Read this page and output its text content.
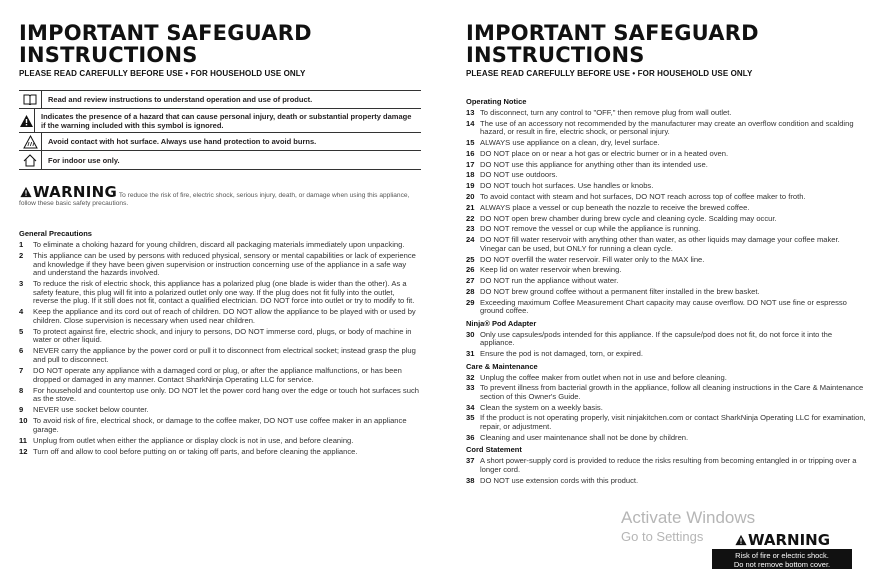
IMPORTANT SAFEGUARD
INSTRUCTIONS
PLEASE READ CAREFULLY BEFORE USE • FOR HOUSEHOLD USE ONLY
Read and review instructions to understand operation and use of product.
Indicates the presence of a hazard that can cause personal injury, death or substantial property damage if the warning included with this symbol is ignored.
Avoid contact with hot surface. Always use hand protection to avoid burns.
For indoor use only.
WARNING To reduce the risk of fire, electric shock, serious injury, death, or damage when using this appliance, follow these basic safety precautions.
General Precautions
1	To eliminate a choking hazard for young children, discard all packaging materials immediately upon unpacking.
2	This appliance can be used by persons with reduced physical, sensory or mental capabilities or lack of experience and knowledge if they have been given supervision or instruction concerning use of the appliance in a safe way and understand the hazards involved.
3	To reduce the risk of electric shock, this appliance has a polarized plug (one blade is wider than the other). As a safety feature, this plug will fit into a polarized outlet only one way. If the plug does not fit fully into the outlet, reverse the plug. If it still does not fit, contact a qualified electrician. DO NOT force into outlet or try to modify to fit.
4	Keep the appliance and its cord out of reach of children. DO NOT allow the appliance to be played with or used by children. Close supervision is necessary when used near children.
5	To protect against fire, electric shock, and injury to persons, DO NOT immerse cord, plugs, or body of machine in water or other liquid.
6	NEVER carry the appliance by the power cord or pull it to disconnect from electrical socket; instead grasp the plug and pull to disconnect.
7	DO NOT operate any appliance with a damaged cord or plug, or after the appliance malfunctions, or has been dropped or damaged in any manner. Contact SharkNinja Operating LLC for service.
8	For household and countertop use only. DO NOT let the power cord hang over the edge or touch hot surfaces such as the stove.
9	NEVER use socket below counter.
10 To avoid risk of fire, electrical shock, or damage to the coffee maker, DO NOT use coffee maker in an appliance garage.
11 Unplug from outlet when either the appliance or display clock is not in use, and before cleaning.
12 Turn off and allow to cool before putting on or taking off parts, and before cleaning the appliance.
IMPORTANT SAFEGUARD
INSTRUCTIONS
PLEASE READ CAREFULLY BEFORE USE • FOR HOUSEHOLD USE ONLY
Operating Notice
13 To disconnect, turn any control to "OFF," then remove plug from wall outlet.
14 The use of an accessory not recommended by the manufacturer may create an overflow condition and scalding hazard, or result in fire, electric shock, or personal injury.
15 ALWAYS use appliance on a clean, dry, level surface.
16 DO NOT place on or near a hot gas or electric burner or in a heated oven.
17 DO NOT use this appliance for anything other than its intended use.
18 DO NOT use outdoors.
19 DO NOT touch hot surfaces. Use handles or knobs.
20 To avoid contact with steam and hot surfaces, DO NOT reach across top of coffee maker to froth.
21 ALWAYS place a vessel or cup beneath the nozzle to receive the brewed coffee.
22 DO NOT open brew chamber during brew cycle and cleaning cycle. Scalding may occur.
23 DO NOT remove the vessel or cup while the appliance is running.
24 DO NOT fill water reservoir with anything other than water, as other liquids may damage your coffee maker. Vinegar can be used, but ONLY for running a clean cycle.
25 DO NOT overfill the water reservoir. Fill water only to the MAX line.
26 Keep lid on water reservoir when brewing.
27 DO NOT run the appliance without water.
28 DO NOT brew ground coffee without a permanent filter installed in the brew basket.
29 Exceeding maximum Coffee Measurement Chart capacity may cause overflow. DO NOT use fine or espresso ground coffee.
Ninja® Pod Adapter
30 Only use capsules/pods intended for this appliance. If the capsule/pod does not fit, do not force it into the appliance.
31 Ensure the pod is not damaged, torn, or expired.
Care & Maintenance
32 Unplug the coffee maker from outlet when not in use and before cleaning.
33 To prevent illness from bacterial growth in the appliance, follow all cleaning instructions in the Care & Maintenance section of this Owner's Guide.
34 Clean the system on a weekly basis.
35 If the product is not operating properly, visit ninjakitchen.com or contact SharkNinja Operating LLC for examination, repair, or adjustment.
36 Cleaning and user maintenance shall not be done by children.
Cord Statement
37 A short power-supply cord is provided to reduce the risks resulting from becoming entangled in or tripping over a longer cord.
38 DO NOT use extension cords with this product.
Activate Windows
Go to Settings	WARNING
Risk of fire or electric shock.
Do not remove bottom cover.
